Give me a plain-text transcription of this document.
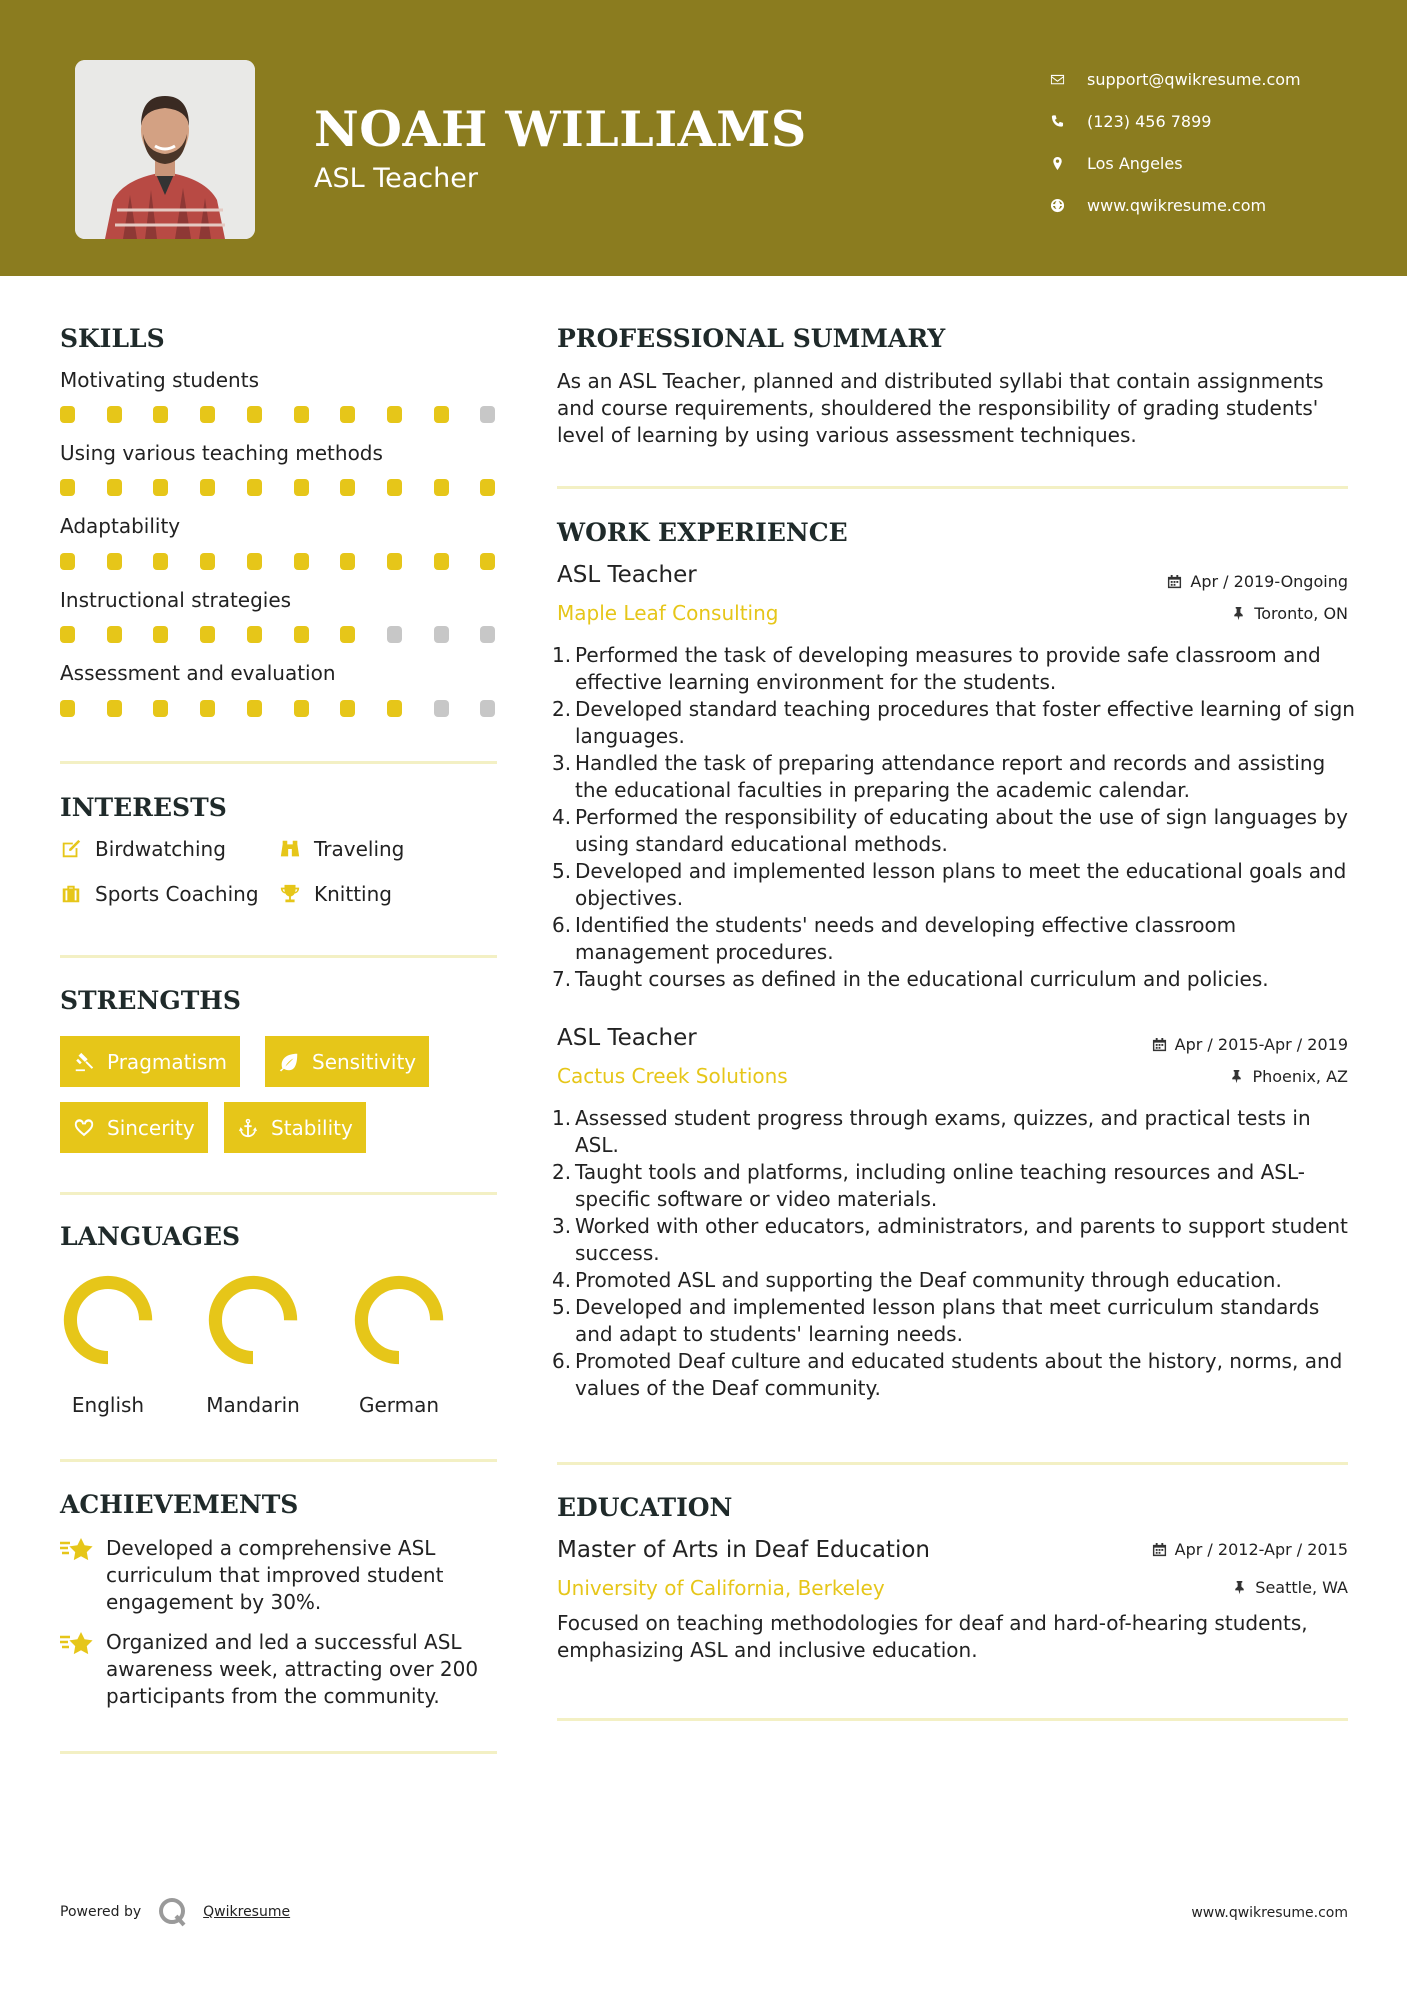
NOAH WILLIAMS
ASL Teacher
support@qwikresume.com
(123) 456 7899
Los Angeles
www.qwikresume.com
SKILLS
Motivating students
Using various teaching methods
Adaptability
Instructional strategies
Assessment and evaluation
INTERESTS
Birdwatching	Traveling
Sports Coaching	Knitting
STRENGTHS
Pragmatism	Sensitivity
Sincerity	Stability
LANGUAGES
English	Mandarin	German
ACHIEVEMENTS
Developed a comprehensive ASL curriculum that improved student engagement by 30%.
Organized and led a successful ASL awareness week, attracting over 200 participants from the community.
PROFESSIONAL SUMMARY
As an ASL Teacher, planned and distributed syllabi that contain assignments and course requirements, shouldered the responsibility of grading students' level of learning by using various assessment techniques.
WORK EXPERIENCE
ASL Teacher	Apr / 2019-Ongoing
Maple Leaf Consulting	Toronto, ON
Performed the task of developing measures to provide safe classroom and effective learning environment for the students.
Developed standard teaching procedures that foster effective learning of sign languages.
Handled the task of preparing attendance report and records and assisting the educational faculties in preparing the academic calendar.
Performed the responsibility of educating about the use of sign languages by using standard educational methods.
Developed and implemented lesson plans to meet the educational goals and objectives.
Identified the students' needs and developing effective classroom management procedures.
Taught courses as defined in the educational curriculum and policies.
ASL Teacher	Apr / 2015-Apr / 2019
Cactus Creek Solutions	Phoenix, AZ
Assessed student progress through exams, quizzes, and practical tests in ASL.
Taught tools and platforms, including online teaching resources and ASL-specific software or video materials.
Worked with other educators, administrators, and parents to support student success.
Promoted ASL and supporting the Deaf community through education.
Developed and implemented lesson plans that meet curriculum standards and adapt to students' learning needs.
Promoted Deaf culture and educated students about the history, norms, and values of the Deaf community.
EDUCATION
Master of Arts in Deaf Education	Apr / 2012-Apr / 2015
University of California, Berkeley	Seattle, WA
Focused on teaching methodologies for deaf and hard-of-hearing students, emphasizing ASL and inclusive education.
Powered by	Qwikresume	www.qwikresume.com
